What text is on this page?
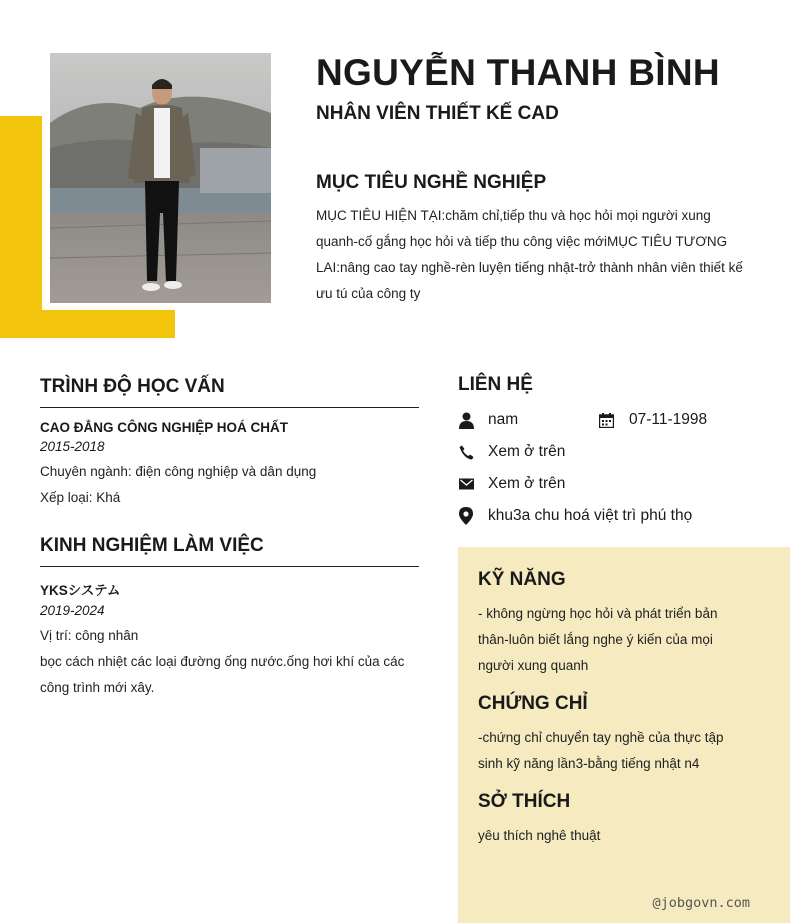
NGUYỄN THANH BÌNH
NHÂN VIÊN THIẾT KẾ CAD
MỤC TIÊU NGHỀ NGHIỆP

MỤC TIÊU HIỆN TẠI:chăm chỉ,tiếp thu và học hỏi mọi người xung quanh-cố gắng học hỏi và tiếp thu công việc mớiMỤC TIÊU TƯƠNG LAI:nâng cao tay nghề-rèn luyện tiếng nhật-trở thành nhân viên thiết kế ưu tú của công ty

TRÌNH ĐỘ HỌC VẤN
CAO ĐẲNG CÔNG NGHIỆP HOÁ CHẤT
2015-2018
Chuyên ngành: điện công nghiệp và dân dụng
Xếp loại: Khá
KINH NGHIỆM LÀM VIỆC
YKSシステム
2019-2024
Vị trí: công nhân
bọc cách nhiệt các loại đường ống nước.ống hơi khí của các công trình mới xây.
LIÊN HỆ
nam	07-11-1998
Xem ở trên
Xem ở trên
khu3a chu hoá việt trì phú thọ
KỸ NĂNG

- không ngừng học hỏi và phát triển bản thân-luôn biết lắng nghe ý kiến của mọi người xung quanh

CHỨNG CHỈ

-chứng chỉ chuyển tay nghề của thực tập sinh kỹ năng lần3-bằng tiếng nhật n4

SỞ THÍCH

yêu thích nghê thuật

@jobgovn.com
